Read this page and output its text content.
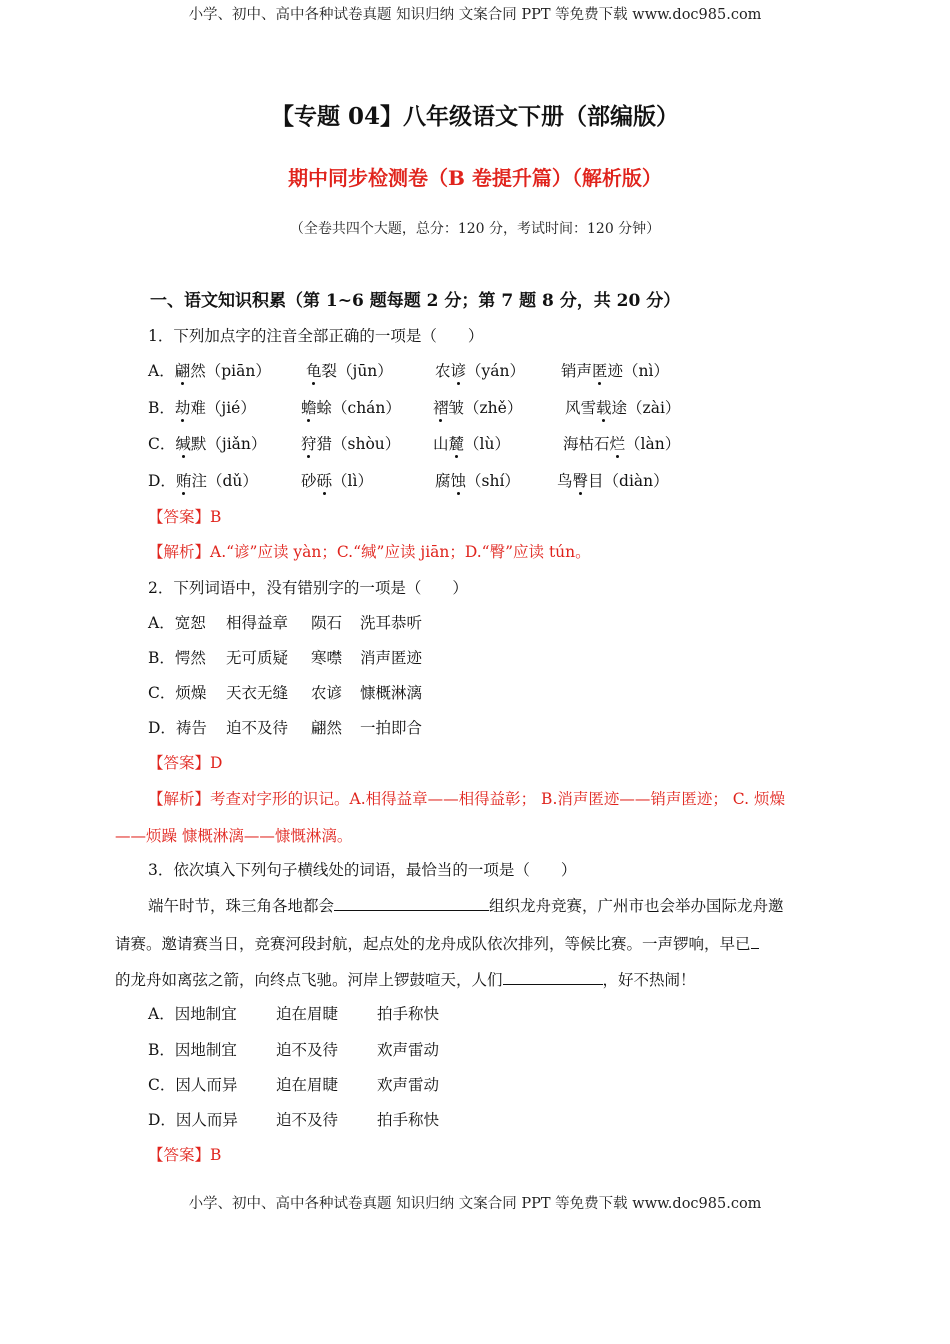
小学、初中、高中各种试卷真题 知识归纳 文案合同 PPT 等免费下载 www.doc985.com
【专题 04】八年级语文下册（部编版）
期中同步检测卷（B 卷提升篇）（解析版）
（全卷共四个大题，总分：120 分，考试时间：120 分钟）
一、语文知识积累（第 1~6 题每题 2 分；第 7 题 8 分，共 20 分）
1．下列加点字的注音全部正确的一项是（　　）
A．翩然（piān） 龟裂（jūn）	农谚（yán） 销声匿迹（nì）
B．劫难（jié）	蟾蜍（chán） 褶皱（zhě）	风雪载途（zài）
C．缄默（jiǎn） 狩猎（shòu） 山麓（lù）	海枯石烂（làn）
D．贿注（dǔ）	砂砾（lì）	腐蚀（shí） 鸟臀目（diàn）
【答案】B
【解析】A.“谚”应读 yàn；C.“缄”应读 jiān；D.“臀”应读 tún。
2．下列词语中，没有错别字的一项是（　　）
A．宽恕 相得益章 陨石 洗耳恭听
B．愕然 无可质疑 寒噤 消声匿迹
C．烦燥 天衣无缝 农谚 慷概淋漓
D．祷告 迫不及待 翩然 一拍即合
【答案】D
【解析】考查对字形的识记。A.相得益章——相得益彰； B.消声匿迹——销声匿迹； C. 烦燥
——烦躁 慷概淋漓——慷慨淋漓。
3．依次填入下列句子横线处的词语，最恰当的一项是（　　）
端午时节，珠三角各地都会	组织龙舟竞赛，广州市也会举办国际龙舟邀
请赛。邀请赛当日，竞赛河段封航，起点处的龙舟成队依次排列，等候比赛。一声锣响，早已
的龙舟如离弦之箭，向终点飞驰。河岸上锣鼓喧天，人们	，好不热闹！
A．因地制宜	迫在眉睫	拍手称快
B．因地制宜	迫不及待	欢声雷动
C．因人而异 迫在眉睫	欢声雷动
D．因人而异 迫不及待	拍手称快
【答案】B
小学、初中、高中各种试卷真题 知识归纳 文案合同 PPT 等免费下载 www.doc985.com
